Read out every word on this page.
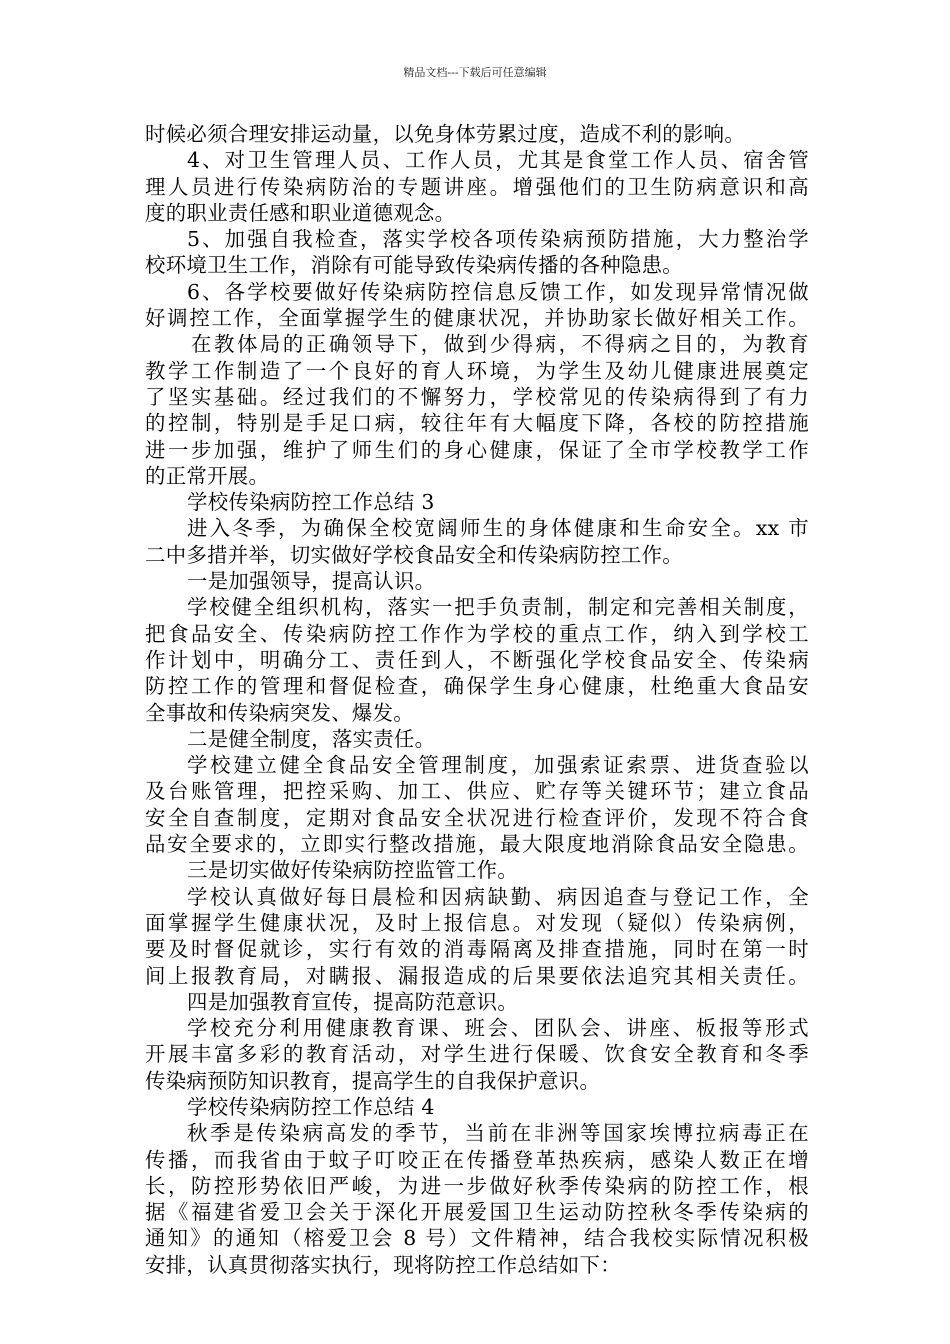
精品文档---下载后可任意编辑
时候必须合理安排运动量，以免身体劳累过度，造成不利的影响。
4、对卫生管理人员、工作人员，尤其是食堂工作人员、宿舍管
理人员进行传染病防治的专题讲座。增强他们的卫生防病意识和高
度的职业责任感和职业道德观念。
5、加强自我检查，落实学校各项传染病预防措施，大力整治学
校环境卫生工作，消除有可能导致传染病传播的各种隐患。
6、各学校要做好传染病防控信息反馈工作，如发现异常情况做
好调控工作，全面掌握学生的健康状况，并协助家长做好相关工作。
在教体局的正确领导下，做到少得病，不得病之目的，为教育
教学工作制造了一个良好的育人环境，为学生及幼儿健康进展奠定
了坚实基础。经过我们的不懈努力，学校常见的传染病得到了有力
的控制，特别是手足口病，较往年有大幅度下降，各校的防控措施
进一步加强，维护了师生们的身心健康，保证了全市学校教学工作
的正常开展。
学校传染病防控工作总结 3
进入冬季，为确保全校宽阔师生的身体健康和生命安全。xx 市
二中多措并举，切实做好学校食品安全和传染病防控工作。
一是加强领导，提高认识。
学校健全组织机构，落实一把手负责制，制定和完善相关制度，
把食品安全、传染病防控工作作为学校的重点工作，纳入到学校工
作计划中，明确分工、责任到人，不断强化学校食品安全、传染病
防控工作的管理和督促检查，确保学生身心健康，杜绝重大食品安
全事故和传染病突发、爆发。
二是健全制度，落实责任。
学校建立健全食品安全管理制度，加强索证索票、进货查验以
及台账管理，把控采购、加工、供应、贮存等关键环节；建立食品
安全自查制度，定期对食品安全状况进行检查评价，发现不符合食
品安全要求的，立即实行整改措施，最大限度地消除食品安全隐患。
三是切实做好传染病防控监管工作。
学校认真做好每日晨检和因病缺勤、病因追查与登记工作，全
面掌握学生健康状况，及时上报信息。对发现（疑似）传染病例，
要及时督促就诊，实行有效的消毒隔离及排查措施，同时在第一时
间上报教育局，对瞒报、漏报造成的后果要依法追究其相关责任。
四是加强教育宣传，提高防范意识。
学校充分利用健康教育课、班会、团队会、讲座、板报等形式
开展丰富多彩的教育活动，对学生进行保暖、饮食安全教育和冬季
传染病预防知识教育，提高学生的自我保护意识。
学校传染病防控工作总结 4
秋季是传染病高发的季节，当前在非洲等国家埃博拉病毒正在
传播，而我省由于蚊子叮咬正在传播登革热疾病，感染人数正在增
长，防控形势依旧严峻，为进一步做好秋季传染病的防控工作，根
据《福建省爱卫会关于深化开展爱国卫生运动防控秋冬季传染病的
通知》的通知（榕爱卫会 8 号）文件精神，结合我校实际情况积极
安排，认真贯彻落实执行，现将防控工作总结如下：
